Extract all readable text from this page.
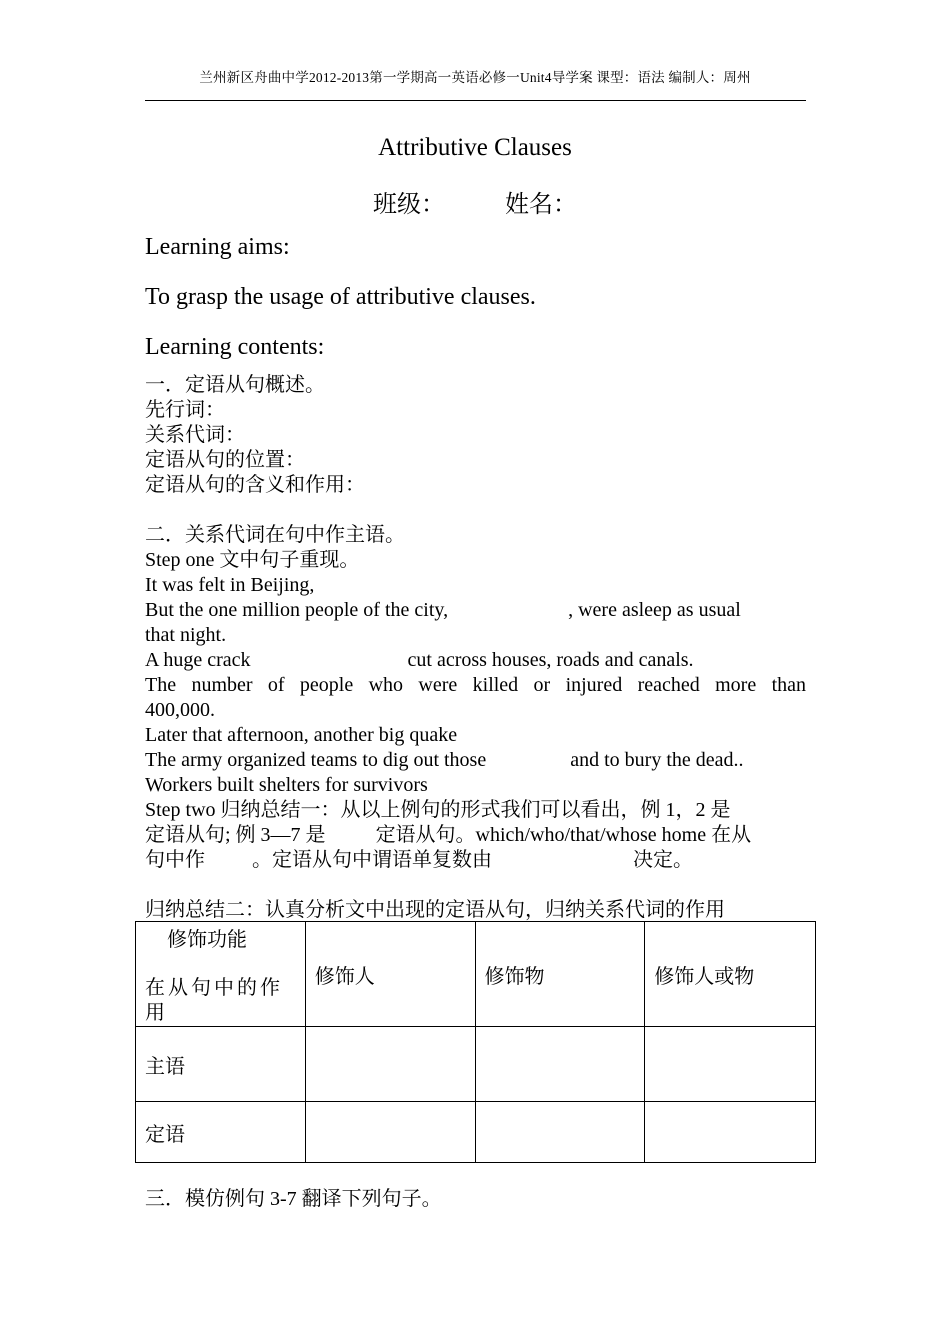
兰州新区舟曲中学2012-2013第一学期高一英语必修一Unit4导学案 课型：语法 编制人：周州
Attributive Clauses
班级：	姓名：
Learning aims:
To grasp the usage of attributive clauses.
Learning contents:
一．定语从句概述。
先行词：
关系代词：
定语从句的位置：
定语从句的含义和作用：
二．关系代词在句中作主语。
Step one 文中句子重现。
It was felt in Beijing,
But the one million people of the city,	, were asleep as usual
that night.
A huge crack	cut across houses, roads and canals.
The number of people who were killed or injured reached more than
400,000.
Later that afternoon, another big quake
The army organized teams to dig out those	and to bury the dead..
Workers built shelters for survivors
Step two 归纳总结一：从以上例句的形式我们可以看出，例 1，2 是
定语从句; 例 3—7 是	定语从句。which/who/that/whose home 在从
句中作 。定语从句中谓语单复数由	决定。
归纳总结二：认真分析文中出现的定语从句，归纳关系代词的作用
修饰功能
在从句中的作用	修饰人	修饰物	修饰人或物
主语			
定语			
三．模仿例句 3-7 翻译下列句子。
